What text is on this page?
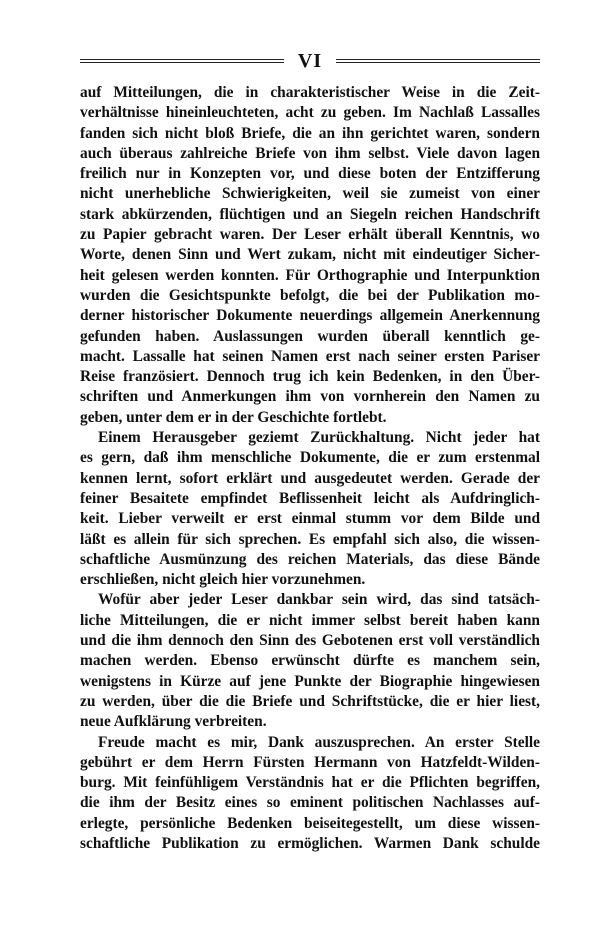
VI
auf Mitteilungen, die in charakteristischer Weise in die Zeit-
verhältnisse hineinleuchteten, acht zu geben. Im Nachlaß Lassalles
fanden sich nicht bloß Briefe, die an ihn gerichtet waren, sondern
auch überaus zahlreiche Briefe von ihm selbst. Viele davon lagen
freilich nur in Konzepten vor, und diese boten der Entzifferung
nicht unerhebliche Schwierigkeiten, weil sie zumeist von einer
stark abkürzenden, flüchtigen und an Siegeln reichen Handschrift
zu Papier gebracht waren. Der Leser erhält überall Kenntnis, wo
Worte, denen Sinn und Wert zukam, nicht mit eindeutiger Sicher-
heit gelesen werden konnten. Für Orthographie und Interpunktion
wurden die Gesichtspunkte befolgt, die bei der Publikation mo-
derner historischer Dokumente neuerdings allgemein Anerkennung
gefunden haben. Auslassungen wurden überall kenntlich ge-
macht. Lassalle hat seinen Namen erst nach seiner ersten Pariser
Reise französiert. Dennoch trug ich kein Bedenken, in den Über-
schriften und Anmerkungen ihm von vornherein den Namen zu
geben, unter dem er in der Geschichte fortlebt.
Einem Herausgeber geziemt Zurückhaltung. Nicht jeder hat
es gern, daß ihm menschliche Dokumente, die er zum erstenmal
kennen lernt, sofort erklärt und ausgedeutet werden. Gerade der
feiner Besaitete empfindet Beflissenheit leicht als Aufdringlich-
keit. Lieber verweilt er erst einmal stumm vor dem Bilde und
läßt es allein für sich sprechen. Es empfahl sich also, die wissen-
schaftliche Ausmünzung des reichen Materials, das diese Bände
erschließen, nicht gleich hier vorzunehmen.
Wofür aber jeder Leser dankbar sein wird, das sind tatsäch-
liche Mitteilungen, die er nicht immer selbst bereit haben kann
und die ihm dennoch den Sinn des Gebotenen erst voll verständlich
machen werden. Ebenso erwünscht dürfte es manchem sein,
wenigstens in Kürze auf jene Punkte der Biographie hingewiesen
zu werden, über die die Briefe und Schriftstücke, die er hier liest,
neue Aufklärung verbreiten.
Freude macht es mir, Dank auszusprechen. An erster Stelle
gebührt er dem Herrn Fürsten Hermann von Hatzfeldt-Wilden-
burg. Mit feinfühligem Verständnis hat er die Pflichten begriffen,
die ihm der Besitz eines so eminent politischen Nachlasses auf-
erlegte, persönliche Bedenken beiseitegestellt, um diese wissen-
schaftliche Publikation zu ermöglichen. Warmen Dank schulde
